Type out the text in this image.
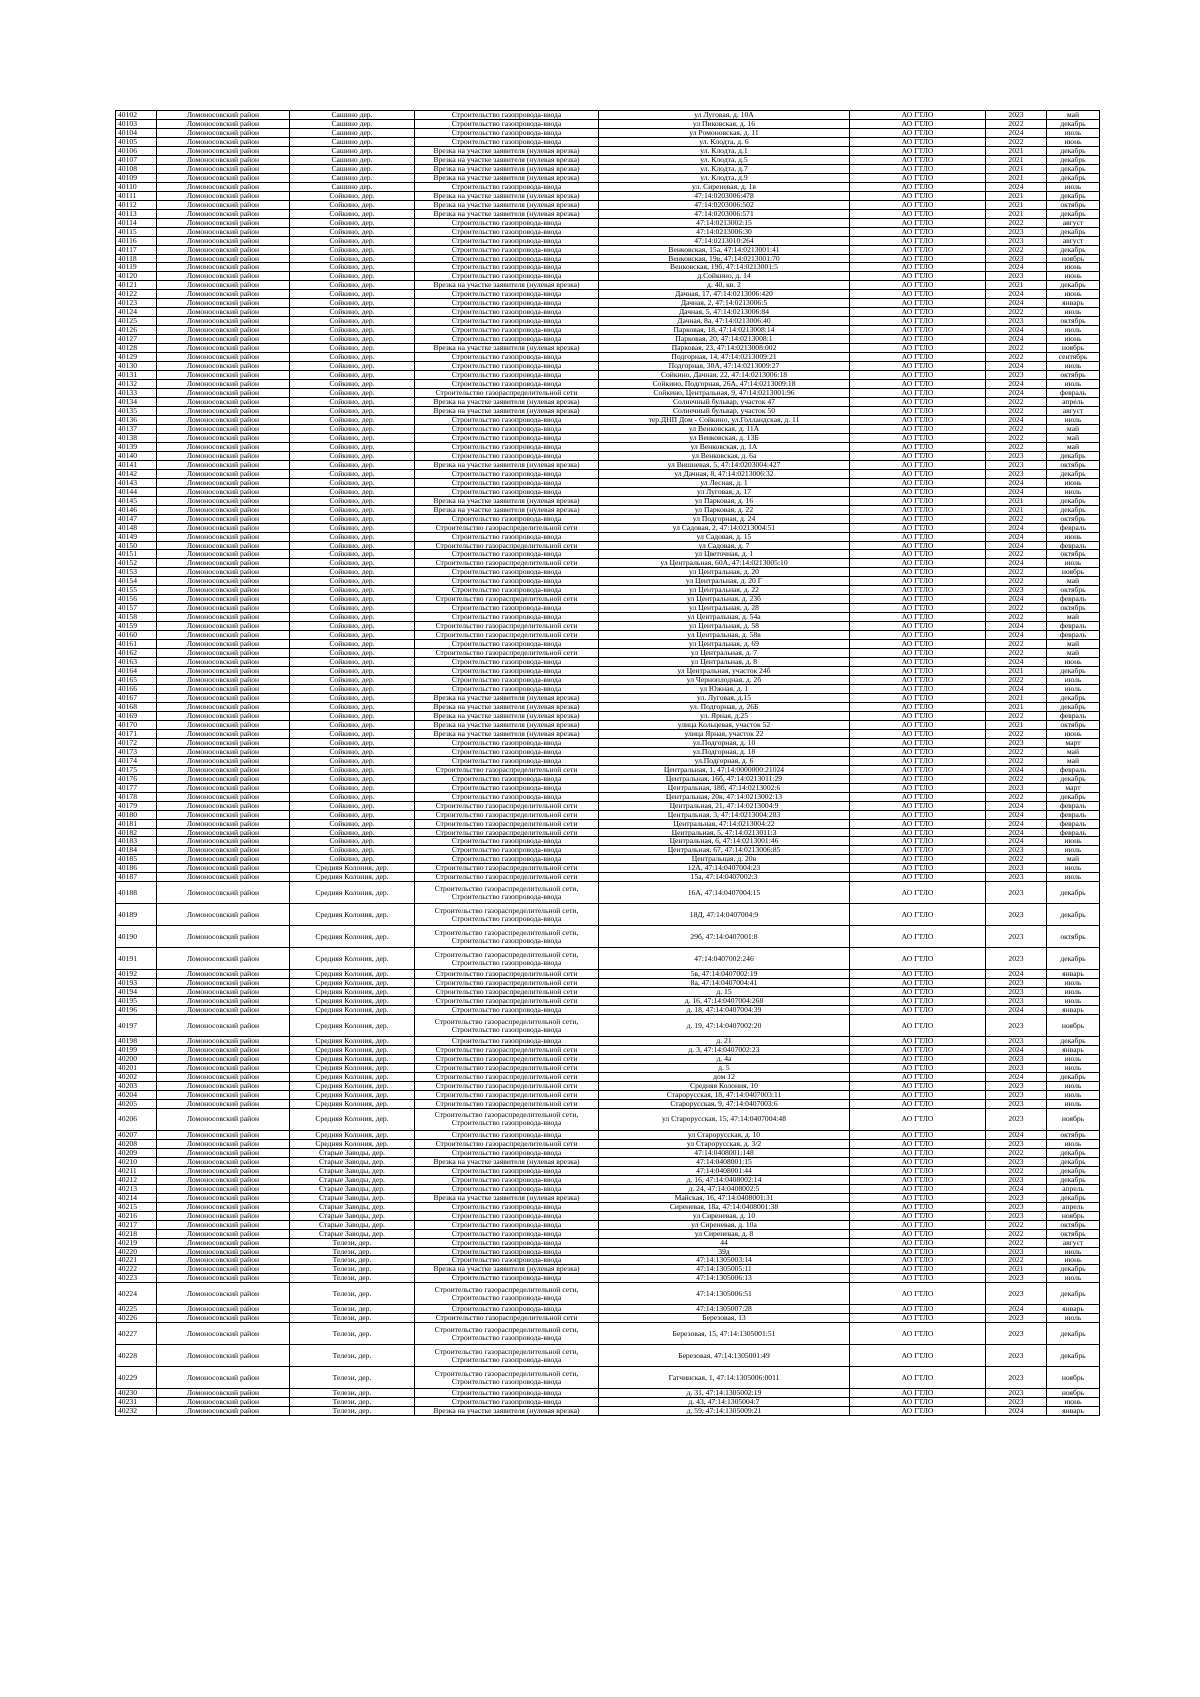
40102	Ломоносовский район	Сашино дер.	Строительство газопровода-ввода	ул Луговая, д. 10А	АО ГТЛО	2023	май
40103	Ломоносовский район	Сашино дер.	Строительство газопровода-ввода	ул Пиковская, д. 16	АО ГТЛО	2022	декабрь
40104	Ломоносовский район	Сашино дер.	Строительство газопровода-ввода	ул Ромоновская, д. 11	АО ГТЛО	2024	июль
40105	Ломоносовский район	Сашино дер.	Строительство газопровода-ввода	ул. Клодта, д. 6	АО ГТЛО	2022	июнь
40106	Ломоносовский район	Сашино дер.	Врезка на участке заявителя (нулевая врезка)	ул. Клодта, д.1	АО ГТЛО	2021	декабрь
40107	Ломоносовский район	Сашино дер.	Врезка на участке заявителя (нулевая врезка)	ул. Клодта, д.5	АО ГТЛО	2021	декабрь
40108	Ломоносовский район	Сашино дер.	Врезка на участке заявителя (нулевая врезка)	ул. Клодта, д.7	АО ГТЛО	2021	декабрь
40109	Ломоносовский район	Сашино дер.	Врезка на участке заявителя (нулевая врезка)	ул. Клодта, д.9	АО ГТЛО	2021	декабрь
40110	Ломоносовский район	Сашино дер.	Строительство газопровода-ввода	ул. Сиреневая, д. 1в	АО ГТЛО	2024	июль
40111	Ломоносовский район	Сойкино, дер.	Врезка на участке заявителя (нулевая врезка)	47:14:0203006:478	АО ГТЛО	2021	декабрь
40112	Ломоносовский район	Сойкино, дер.	Врезка на участке заявителя (нулевая врезка)	47:14:0203006:502	АО ГТЛО	2021	октябрь
40113	Ломоносовский район	Сойкино, дер.	Врезка на участке заявителя (нулевая врезка)	47:14:0203006:571	АО ГТЛО	2021	декабрь
40114	Ломоносовский район	Сойкино, дер.	Строительство газопровода-ввода	47:14:0213002:15	АО ГТЛО	2022	август
40115	Ломоносовский район	Сойкино, дер.	Строительство газопровода-ввода	47:14:0213006:30	АО ГТЛО	2023	декабрь
40116	Ломоносовский район	Сойкино, дер.	Строительство газопровода-ввода	47:14:0213010:264	АО ГТЛО	2023	август
40117	Ломоносовский район	Сойкино, дер.	Строительство газопровода-ввода	Венковская, 15а, 47:14:0213001:41	АО ГТЛО	2022	декабрь
40118	Ломоносовский район	Сойкино, дер.	Строительство газопровода-ввода	Венковская, 19в, 47:14:0213001:70	АО ГТЛО	2023	ноябрь
40119	Ломоносовский район	Сойкино, дер.	Строительство газопровода-ввода	Венковская, 19б, 47:14:0213001:5	АО ГТЛО	2024	июнь
40120	Ломоносовский район	Сойкино, дер.	Строительство газопровода-ввода	д.Сойкино, д. 14	АО ГТЛО	2023	июнь
40121	Ломоносовский район	Сойкино, дер.	Врезка на участке заявителя (нулевая врезка)	д. 40, кв. 2	АО ГТЛО	2021	декабрь
40122	Ломоносовский район	Сойкино, дер.	Строительство газопровода-ввода	Дачная, 17, 47:14:0213006:420	АО ГТЛО	2024	июнь
40123	Ломоносовский район	Сойкино, дер.	Строительство газопровода-ввода	Дачная, 2, 47:14:0213006:5	АО ГТЛО	2024	январь
40124	Ломоносовский район	Сойкино, дер.	Строительство газопровода-ввода	Дачная, 5, 47:14:0213006:84	АО ГТЛО	2022	июль
40125	Ломоносовский район	Сойкино, дер.	Строительство газопровода-ввода	Дачная, 8а, 47:14:0213006:40	АО ГТЛО	2023	октябрь
40126	Ломоносовский район	Сойкино, дер.	Строительство газопровода-ввода	Парковая, 18, 47:14:0213008:14	АО ГТЛО	2024	июль
40127	Ломоносовский район	Сойкино, дер.	Строительство газопровода-ввода	Парковая, 20, 47:14:0213008:1	АО ГТЛО	2024	июнь
40128	Ломоносовский район	Сойкино, дер.	Врезка на участке заявителя (нулевая врезка)	Парковая, 23, 47:14:0213008:002	АО ГТЛО	2022	ноябрь
40129	Ломоносовский район	Сойкино, дер.	Строительство газопровода-ввода	Подгорная, 14, 47:14:0213009:21	АО ГТЛО	2022	сентябрь
40130	Ломоносовский район	Сойкино, дер.	Строительство газопровода-ввода	Подгорная, 30А, 47:14:0213009:27	АО ГТЛО	2024	июль
40131	Ломоносовский район	Сойкино, дер.	Строительство газопровода-ввода	Сойкино, Дачная, 22, 47:14:0213006:18	АО ГТЛО	2023	октябрь
40132	Ломоносовский район	Сойкино, дер.	Строительство газопровода-ввода	Сойкино, Подгорная, 26А, 47:14:0213009:18	АО ГТЛО	2024	июль
40133	Ломоносовский район	Сойкино, дер.	Строительство газораспределительной сети	Сойкино, Центральная, 9, 47:14:0213001:96	АО ГТЛО	2024	февраль
40134	Ломоносовский район	Сойкино, дер.	Врезка на участке заявителя (нулевая врезка)	Солнечный бульвар, участок 47	АО ГТЛО	2022	апрель
40135	Ломоносовский район	Сойкино, дер.	Врезка на участке заявителя (нулевая врезка)	Солнечный бульвар, участок 50	АО ГТЛО	2022	август
40136	Ломоносовский район	Сойкино, дер.	Строительство газопровода-ввода	тер.ДНП Дом - Сойкино, ул.Голландская, д. 11	АО ГТЛО	2024	июль
40137	Ломоносовский район	Сойкино, дер.	Строительство газопровода-ввода	ул Венковская, д. 11А	АО ГТЛО	2022	май
40138	Ломоносовский район	Сойкино, дер.	Строительство газопровода-ввода	ул Венковская, д. 13Б	АО ГТЛО	2022	май
40139	Ломоносовский район	Сойкино, дер.	Строительство газопровода-ввода	ул Венковская, д. 1А	АО ГТЛО	2022	май
40140	Ломоносовский район	Сойкино, дер.	Строительство газопровода-ввода	ул Венковская, д. 6а	АО ГТЛО	2023	декабрь
40141	Ломоносовский район	Сойкино, дер.	Врезка на участке заявителя (нулевая врезка)	ул Вишневая, 5, 47:14:0203004:427	АО ГТЛО	2023	октябрь
40142	Ломоносовский район	Сойкино, дер.	Строительство газопровода-ввода	ул Дачная, 8, 47:14:0213006:32	АО ГТЛО	2023	декабрь
40143	Ломоносовский район	Сойкино, дер.	Строительство газопровода-ввода	ул Лесная, д. 1	АО ГТЛО	2024	июнь
40144	Ломоносовский район	Сойкино, дер.	Строительство газопровода-ввода	ул Луговая, д. 17	АО ГТЛО	2024	июль
40145	Ломоносовский район	Сойкино, дер.	Врезка на участке заявителя (нулевая врезка)	ул Парковая, д. 16	АО ГТЛО	2021	декабрь
40146	Ломоносовский район	Сойкино, дер.	Врезка на участке заявителя (нулевая врезка)	ул Парковая, д. 22	АО ГТЛО	2021	декабрь
40147	Ломоносовский район	Сойкино, дер.	Строительство газопровода-ввода	ул Подгорная, д. 24	АО ГТЛО	2022	октябрь
40148	Ломоносовский район	Сойкино, дер.	Строительство газораспределительной сети	ул Садовая, 2, 47:14:0213004:51	АО ГТЛО	2024	февраль
40149	Ломоносовский район	Сойкино, дер.	Строительство газопровода-ввода	ул Садовая, д. 15	АО ГТЛО	2024	июнь
40150	Ломоносовский район	Сойкино, дер.	Строительство газораспределительной сети	ул Садовая, д. 7	АО ГТЛО	2024	февраль
40151	Ломоносовский район	Сойкино, дер.	Строительство газопровода-ввода	ул Цветочная, д. 1	АО ГТЛО	2022	октябрь
40152	Ломоносовский район	Сойкино, дер.	Строительство газораспределительной сети	ул Центральная, 60А, 47:14:0213005:10	АО ГТЛО	2024	июль
40153	Ломоносовский район	Сойкино, дер.	Строительство газопровода-ввода	ул Центральная, д. 20	АО ГТЛО	2022	ноябрь
40154	Ломоносовский район	Сойкино, дер.	Строительство газопровода-ввода	ул Центральная, д. 20 Г	АО ГТЛО	2022	май
40155	Ломоносовский район	Сойкино, дер.	Строительство газопровода-ввода	ул Центральная, д. 22	АО ГТЛО	2023	октябрь
40156	Ломоносовский район	Сойкино, дер.	Строительство газораспределительной сети	ул Центральная, д. 23б	АО ГТЛО	2024	февраль
40157	Ломоносовский район	Сойкино, дер.	Строительство газопровода-ввода	ул Центральная, д. 28	АО ГТЛО	2022	октябрь
40158	Ломоносовский район	Сойкино, дер.	Строительство газопровода-ввода	ул Центральная, д. 54а	АО ГТЛО	2022	май
40159	Ломоносовский район	Сойкино, дер.	Строительство газораспределительной сети	ул Центральная, д. 58	АО ГТЛО	2024	февраль
40160	Ломоносовский район	Сойкино, дер.	Строительство газораспределительной сети	ул Центральная, д. 58в	АО ГТЛО	2024	февраль
40161	Ломоносовский район	Сойкино, дер.	Строительство газопровода-ввода	ул Центральная, д. 69	АО ГТЛО	2022	май
40162	Ломоносовский район	Сойкино, дер.	Строительство газораспределительной сети	ул Центральная, д. 7	АО ГТЛО	2022	май
40163	Ломоносовский район	Сойкино, дер.	Строительство газопровода-ввода	ул Центральная, д. 8	АО ГТЛО	2024	июнь
40164	Ломоносовский район	Сойкино, дер.	Строительство газопровода-ввода	ул Центральная, участок 24б	АО ГТЛО	2021	декабрь
40165	Ломоносовский район	Сойкино, дер.	Строительство газопровода-ввода	ул Черноплодная, д. 2б	АО ГТЛО	2022	июль
40166	Ломоносовский район	Сойкино, дер.	Строительство газопровода-ввода	ул Южная, д. 1	АО ГТЛО	2024	июль
40167	Ломоносовский район	Сойкино, дер.	Врезка на участке заявителя (нулевая врезка)	ул. Луговая, д.15	АО ГТЛО	2021	декабрь
40168	Ломоносовский район	Сойкино, дер.	Врезка на участке заявителя (нулевая врезка)	ул. Подгорная, д. 26Б	АО ГТЛО	2021	декабрь
40169	Ломоносовский район	Сойкино, дер.	Врезка на участке заявителя (нулевая врезка)	ул. Ярная, д.25	АО ГТЛО	2022	февраль
40170	Ломоносовский район	Сойкино, дер.	Врезка на участке заявителя (нулевая врезка)	улица Кольцевая, участок 52	АО ГТЛО	2021	октябрь
40171	Ломоносовский район	Сойкино, дер.	Врезка на участке заявителя (нулевая врезка)	улица Ярная, участок 22	АО ГТЛО	2022	июнь
40172	Ломоносовский район	Сойкино, дер.	Строительство газопровода-ввода	ул.Подгорная, д. 10	АО ГТЛО	2023	март
40173	Ломоносовский район	Сойкино, дер.	Строительство газопровода-ввода	ул.Подгорная, д. 18	АО ГТЛО	2022	май
40174	Ломоносовский район	Сойкино, дер.	Строительство газопровода-ввода	ул.Подгорная, д. 6	АО ГТЛО	2022	май
40175	Ломоносовский район	Сойкино, дер.	Строительство газораспределительной сети	Центральная, 1, 47:14:0000000:21024	АО ГТЛО	2024	февраль
40176	Ломоносовский район	Сойкино, дер.	Строительство газопровода-ввода	Центральная, 16б, 47:14:0213011:29	АО ГТЛО	2022	декабрь
40177	Ломоносовский район	Сойкино, дер.	Строительство газопровода-ввода	Центральная, 18б, 47:14:0213002:6	АО ГТЛО	2023	март
40178	Ломоносовский район	Сойкино, дер.	Строительство газопровода-ввода	Центральная, 20в, 47:14:0213002:13	АО ГТЛО	2022	декабрь
40179	Ломоносовский район	Сойкино, дер.	Строительство газораспределительной сети	Центральная, 21, 47:14:0213004:9	АО ГТЛО	2024	февраль
40180	Ломоносовский район	Сойкино, дер.	Строительство газораспределительной сети	Центральная, 3, 47:14:0213004:283	АО ГТЛО	2024	февраль
40181	Ломоносовский район	Сойкино, дер.	Строительство газораспределительной сети	Центральная, 47:14:0213004:22	АО ГТЛО	2024	февраль
40182	Ломоносовский район	Сойкино, дер.	Строительство газораспределительной сети	Центральная, 5, 47:14:0213011:3	АО ГТЛО	2024	февраль
40183	Ломоносовский район	Сойкино, дер.	Строительство газопровода-ввода	Центральная, 6, 47:14:0213001:46	АО ГТЛО	2024	июнь
40184	Ломоносовский район	Сойкино, дер.	Строительство газопровода-ввода	Центральная, 67, 47:14:0213006:85	АО ГТЛО	2023	июль
40185	Ломоносовский район	Сойкино, дер.	Строительство газопровода-ввода	Центральная, д. 20в	АО ГТЛО	2022	май
40186	Ломоносовский район	Средняя Колония, дер.	Строительство газораспределительной сети	12А, 47:14:0407004:23	АО ГТЛО	2023	июль
40187	Ломоносовский район	Средняя Колония, дер.	Строительство газораспределительной сети	15а, 47:14:0407002:3	АО ГТЛО	2023	июль
40188	Ломоносовский район	Средняя Колония, дер.	Строительство газораспределительной сети, Строительство газопровода-ввода	16А, 47:14:0407004:15	АО ГТЛО	2023	декабрь
40189	Ломоносовский район	Средняя Колония, дер.	Строительство газораспределительной сети, Строительство газопровода-ввода	18Д, 47:14:0407004:9	АО ГТЛО	2023	декабрь
40190	Ломоносовский район	Средняя Колония, дер.	Строительство газораспределительной сети, Строительство газопровода-ввода	29б, 47:14:0407001:8	АО ГТЛО	2023	октябрь
40191	Ломоносовский район	Средняя Колония, дер.	Строительство газораспределительной сети, Строительство газопровода-ввода	47:14:0407002:246	АО ГТЛО	2023	декабрь
40192	Ломоносовский район	Средняя Колония, дер.	Строительство газораспределительной сети	5в, 47:14:0407002:19	АО ГТЛО	2024	январь
40193	Ломоносовский район	Средняя Колония, дер.	Строительство газораспределительной сети	8а, 47:14:0407004:41	АО ГТЛО	2023	июль
40194	Ломоносовский район	Средняя Колония, дер.	Строительство газораспределительной сети	д. 15	АО ГТЛО	2023	июль
40195	Ломоносовский район	Средняя Колония, дер.	Строительство газораспределительной сети	д. 16, 47:14:0407004:268	АО ГТЛО	2023	июль
40196	Ломоносовский район	Средняя Колония, дер.	Строительство газопровода-ввода	д. 18, 47:14:0407004:39	АО ГТЛО	2024	январь
40197	Ломоносовский район	Средняя Колония, дер.	Строительство газораспределительной сети, Строительство газопровода-ввода	д. 19, 47:14:0407002:20	АО ГТЛО	2023	ноябрь
40198	Ломоносовский район	Средняя Колония, дер.	Строительство газопровода-ввода	д. 21	АО ГТЛО	2023	декабрь
40199	Ломоносовский район	Средняя Колония, дер.	Строительство газораспределительной сети	д. 3, 47:14:0407002:23	АО ГТЛО	2024	январь
40200	Ломоносовский район	Средняя Колония, дер.	Строительство газораспределительной сети	д. 4а	АО ГТЛО	2023	июль
40201	Ломоносовский район	Средняя Колония, дер.	Строительство газораспределительной сети	д. 5	АО ГТЛО	2023	июль
40202	Ломоносовский район	Средняя Колония, дер.	Строительство газораспределительной сети	дом 12	АО ГТЛО	2024	декабрь
40203	Ломоносовский район	Средняя Колония, дер.	Строительство газораспределительной сети	Средняя Колония, 10	АО ГТЛО	2023	июль
40204	Ломоносовский район	Средняя Колония, дер.	Строительство газораспределительной сети	Старорусская, 18, 47:14:0407003:11	АО ГТЛО	2023	июль
40205	Ломоносовский район	Средняя Колония, дер.	Строительство газораспределительной сети	Старорусская, 9, 47:14:0407003:6	АО ГТЛО	2023	июль
40206	Ломоносовский район	Средняя Колония, дер.	Строительство газораспределительной сети, Строительство газопровода-ввода	ул Старорусская, 15, 47:14:0407004:48	АО ГТЛО	2023	ноябрь
40207	Ломоносовский район	Средняя Колония, дер.	Строительство газопровода-ввода	ул Старорусская, д. 10	АО ГТЛО	2024	октябрь
40208	Ломоносовский район	Средняя Колония, дер.	Строительство газораспределительной сети	ул Старорусская, д. 3/2	АО ГТЛО	2023	июль
40209	Ломоносовский район	Старые Заводы, дер.	Строительство газопровода-ввода	47:14:0408001:148	АО ГТЛО	2022	декабрь
40210	Ломоносовский район	Старые Заводы, дер.	Врезка на участке заявителя (нулевая врезка)	47:14:0408001:15	АО ГТЛО	2023	декабрь
40211	Ломоносовский район	Старые Заводы, дер.	Строительство газопровода-ввода	47:14:0408001:44	АО ГТЛО	2022	декабрь
40212	Ломоносовский район	Старые Заводы, дер.	Строительство газопровода-ввода	д. 16, 47:14:0408002:14	АО ГТЛО	2023	декабрь
40213	Ломоносовский район	Старые Заводы, дер.	Строительство газопровода-ввода	д. 24, 47:14:0408002:5	АО ГТЛО	2024	апрель
40214	Ломоносовский район	Старые Заводы, дер.	Врезка на участке заявителя (нулевая врезка)	Майская, 16, 47:14:0408001:31	АО ГТЛО	2023	декабрь
40215	Ломоносовский район	Старые Заводы, дер.	Строительство газопровода-ввода	Сиреневая, 18а, 47:14:0408001:38	АО ГТЛО	2023	апрель
40216	Ломоносовский район	Старые Заводы, дер.	Строительство газопровода-ввода	ул Сиреневая, д. 10	АО ГТЛО	2023	ноябрь
40217	Ломоносовский район	Старые Заводы, дер.	Строительство газопровода-ввода	ул Сиреневая, д. 10а	АО ГТЛО	2022	октябрь
40218	Ломоносовский район	Старые Заводы, дер.	Строительство газопровода-ввода	ул Сиреневая, д. 8	АО ГТЛО	2022	октябрь
40219	Ломоносовский район	Телези, дер.	Строительство газопровода-ввода	44	АО ГТЛО	2022	август
40220	Ломоносовский район	Телези, дер.	Строительство газопровода-ввода	39д	АО ГТЛО	2023	июль
40221	Ломоносовский район	Телези, дер.	Строительство газопровода-ввода	47:14:1305003:14	АО ГТЛО	2022	июнь
40222	Ломоносовский район	Телези, дер.	Врезка на участке заявителя (нулевая врезка)	47:14:1305005:11	АО ГТЛО	2021	декабрь
40223	Ломоносовский район	Телези, дер.	Строительство газопровода-ввода	47:14:1305006:13	АО ГТЛО	2023	июль
40224	Ломоносовский район	Телези, дер.	Строительство газораспределительной сети, Строительство газопровода-ввода	47:14:1305006:51	АО ГТЛО	2023	декабрь
40225	Ломоносовский район	Телези, дер.	Строительство газопровода-ввода	47:14:1305007:28	АО ГТЛО	2024	январь
40226	Ломоносовский район	Телези, дер.	Строительство газораспределительной сети	Березовая, 13	АО ГТЛО	2023	июль
40227	Ломоносовский район	Телези, дер.	Строительство газораспределительной сети, Строительство газопровода-ввода	Березовая, 15, 47:14:1305001:51	АО ГТЛО	2023	декабрь
40228	Ломоносовский район	Телези, дер.	Строительство газораспределительной сети, Строительство газопровода-ввода	Березовая, 47:14:1305001:49	АО ГТЛО	2023	декабрь
40229	Ломоносовский район	Телези, дер.	Строительство газораспределительной сети, Строительство газопровода-ввода	Гатчинская, 1, 47:14:1305006:0011	АО ГТЛО	2023	ноябрь
40230	Ломоносовский район	Телези, дер.	Строительство газопровода-ввода	д. 31, 47:14:1305002:19	АО ГТЛО	2023	ноябрь
40231	Ломоносовский район	Телези, дер.	Строительство газопровода-ввода	д. 43, 47:14:1305004:7	АО ГТЛО	2023	июнь
40232	Ломоносовский район	Телези, дер.	Врезка на участке заявителя (нулевая врезка)	д. 59, 47:14:1305009:21	АО ГТЛО	2024	январь
